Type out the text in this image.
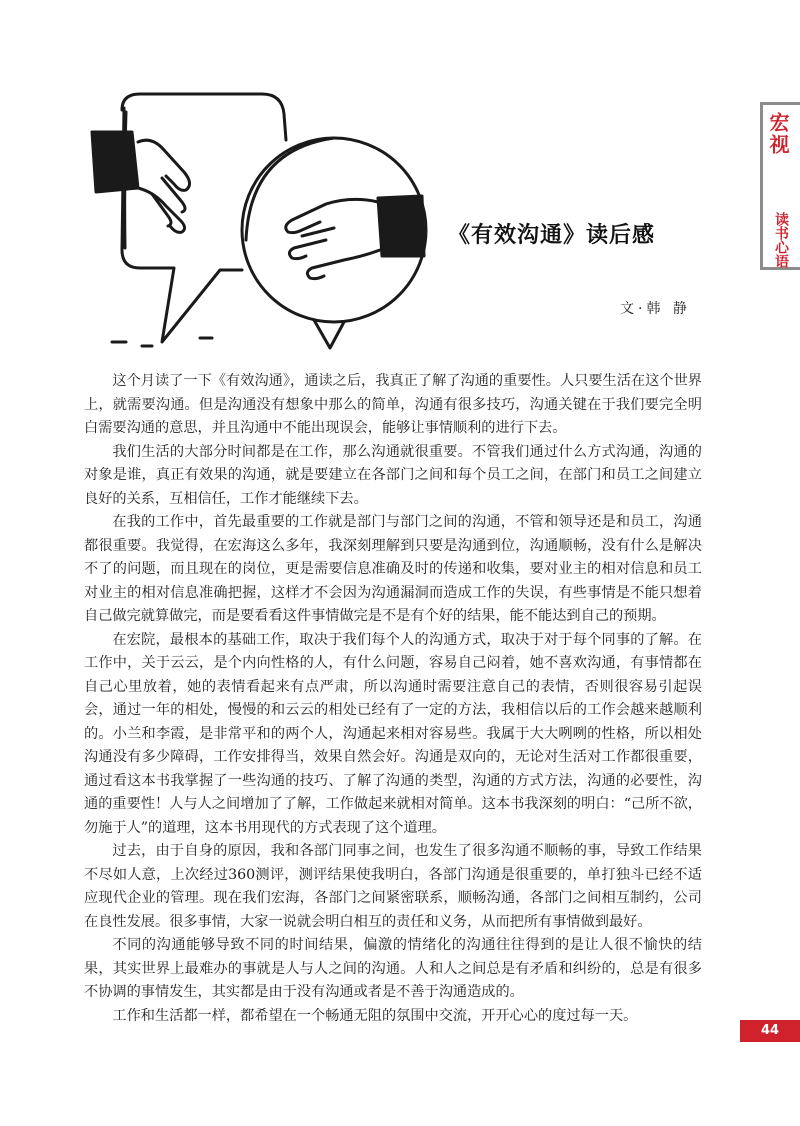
宏视
读书心语
《有效沟通》读后感
文·韩 静

这个月读了一下《有效沟通》，通读之后，我真正了解了沟通的重要性。人只要生活在这个世界上，就需要沟通。但是沟通没有想象中那么的简单，沟通有很多技巧，沟通关键在于我们要完全明白需要沟通的意思，并且沟通中不能出现误会，能够让事情顺利的进行下去。

我们生活的大部分时间都是在工作，那么沟通就很重要。不管我们通过什么方式沟通，沟通的对象是谁，真正有效果的沟通，就是要建立在各部门之间和每个员工之间，在部门和员工之间建立良好的关系，互相信任，工作才能继续下去。

在我的工作中，首先最重要的工作就是部门与部门之间的沟通，不管和领导还是和员工，沟通都很重要。我觉得，在宏海这么多年，我深刻理解到只要是沟通到位，沟通顺畅，没有什么是解决不了的问题，而且现在的岗位，更是需要信息准确及时的传递和收集，要对业主的相对信息和员工对业主的相对信息准确把握，这样才不会因为沟通漏洞而造成工作的失误，有些事情是不能只想着自己做完就算做完，而是要看看这件事情做完是不是有个好的结果，能不能达到自己的预期。

在宏院，最根本的基础工作，取决于我们每个人的沟通方式，取决于对于每个同事的了解。在工作中，关于云云，是个内向性格的人，有什么问题，容易自己闷着，她不喜欢沟通，有事情都在自己心里放着，她的表情看起来有点严肃，所以沟通时需要注意自己的表情，否则很容易引起误会，通过一年的相处，慢慢的和云云的相处已经有了一定的方法，我相信以后的工作会越来越顺利的。小兰和李霞，是非常平和的两个人，沟通起来相对容易些。我属于大大咧咧的性格，所以相处沟通没有多少障碍，工作安排得当，效果自然会好。沟通是双向的，无论对生活对工作都很重要，通过看这本书我掌握了一些沟通的技巧、了解了沟通的类型，沟通的方式方法，沟通的必要性，沟通的重要性！人与人之间增加了了解，工作做起来就相对简单。这本书我深刻的明白：“己所不欲，勿施于人”的道理，这本书用现代的方式表现了这个道理。

过去，由于自身的原因，我和各部门同事之间，也发生了很多沟通不顺畅的事，导致工作结果不尽如人意，上次经过360测评，测评结果使我明白，各部门沟通是很重要的，单打独斗已经不适应现代企业的管理。现在我们宏海，各部门之间紧密联系，顺畅沟通，各部门之间相互制约，公司在良性发展。很多事情，大家一说就会明白相互的责任和义务，从而把所有事情做到最好。

不同的沟通能够导致不同的时间结果，偏激的情绪化的沟通往往得到的是让人很不愉快的结果，其实世界上最难办的事就是人与人之间的沟通。人和人之间总是有矛盾和纠纷的，总是有很多不协调的事情发生，其实都是由于没有沟通或者是不善于沟通造成的。

工作和生活都一样，都希望在一个畅通无阻的氛围中交流，开开心心的度过每一天。

44
